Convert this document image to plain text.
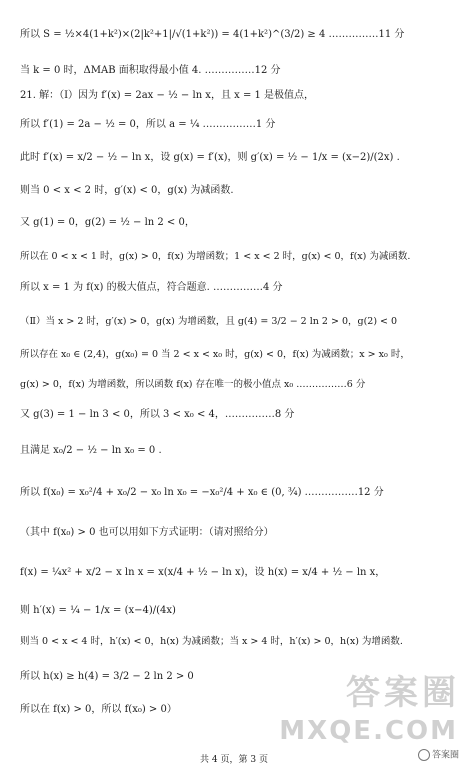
所以 S = ½×4(1+k²)×(2|k²+1|/√(1+k²)) = 4(1+k²)^(3/2) ≥ 4 ……………11 分
当 k = 0 时，ΔMAB 面积取得最小值 4. ……………12 分
21. 解：（Ⅰ）因为 f′(x) = 2ax − ½ − ln x，且 x = 1 是极值点，
所以 f′(1) = 2a − ½ = 0，所以 a = ¼ .……………1 分
此时 f′(x) = x/2 − ½ − ln x，设 g(x) = f′(x)，则 g′(x) = ½ − 1/x = (x−2)/(2x) .
则当 0 < x < 2 时，g′(x) < 0，g(x) 为减函数.
又 g(1) = 0，g(2) = ½ − ln 2 < 0，
所以在 0 < x < 1 时，g(x) > 0，f(x) 为增函数；1 < x < 2 时，g(x) < 0，f(x) 为减函数.
所以 x = 1 为 f(x) 的极大值点，符合题意. ……………4 分
（Ⅱ）当 x > 2 时，g′(x) > 0，g(x) 为增函数，且 g(4) = 3/2 − 2 ln 2 > 0，g(2) < 0
所以存在 x₀ ∈ (2,4)，g(x₀) = 0 当 2 < x < x₀ 时，g(x) < 0，f(x) 为减函数；x > x₀ 时，
g(x) > 0，f(x) 为增函数，所以函数 f(x) 存在唯一的极小值点 x₀ .……………6 分
又 g(3) = 1 − ln 3 < 0，所以 3 < x₀ < 4，……………8 分
且满足 x₀/2 − ½ − ln x₀ = 0 .
所以 f(x₀) = x₀²/4 + x₀/2 − x₀ ln x₀ = −x₀²/4 + x₀ ∈ (0, ¾) .……………12 分
（其中 f(x₀) > 0 也可以用如下方式证明：（请对照给分）
f(x) = ¼x² + x/2 − x ln x = x(x/4 + ½ − ln x)，设 h(x) = x/4 + ½ − ln x，
则 h′(x) = ¼ − 1/x = (x−4)/(4x)
则当 0 < x < 4 时，h′(x) < 0，h(x) 为减函数；当 x > 4 时，h′(x) > 0，h(x) 为增函数.
所以 h(x) ≥ h(4) = 3/2 − 2 ln 2 > 0
所以在 f(x) > 0，所以 f(x₀) > 0）	答案圈
MXQE.COM
共 4 页，第 3 页	答案圈
